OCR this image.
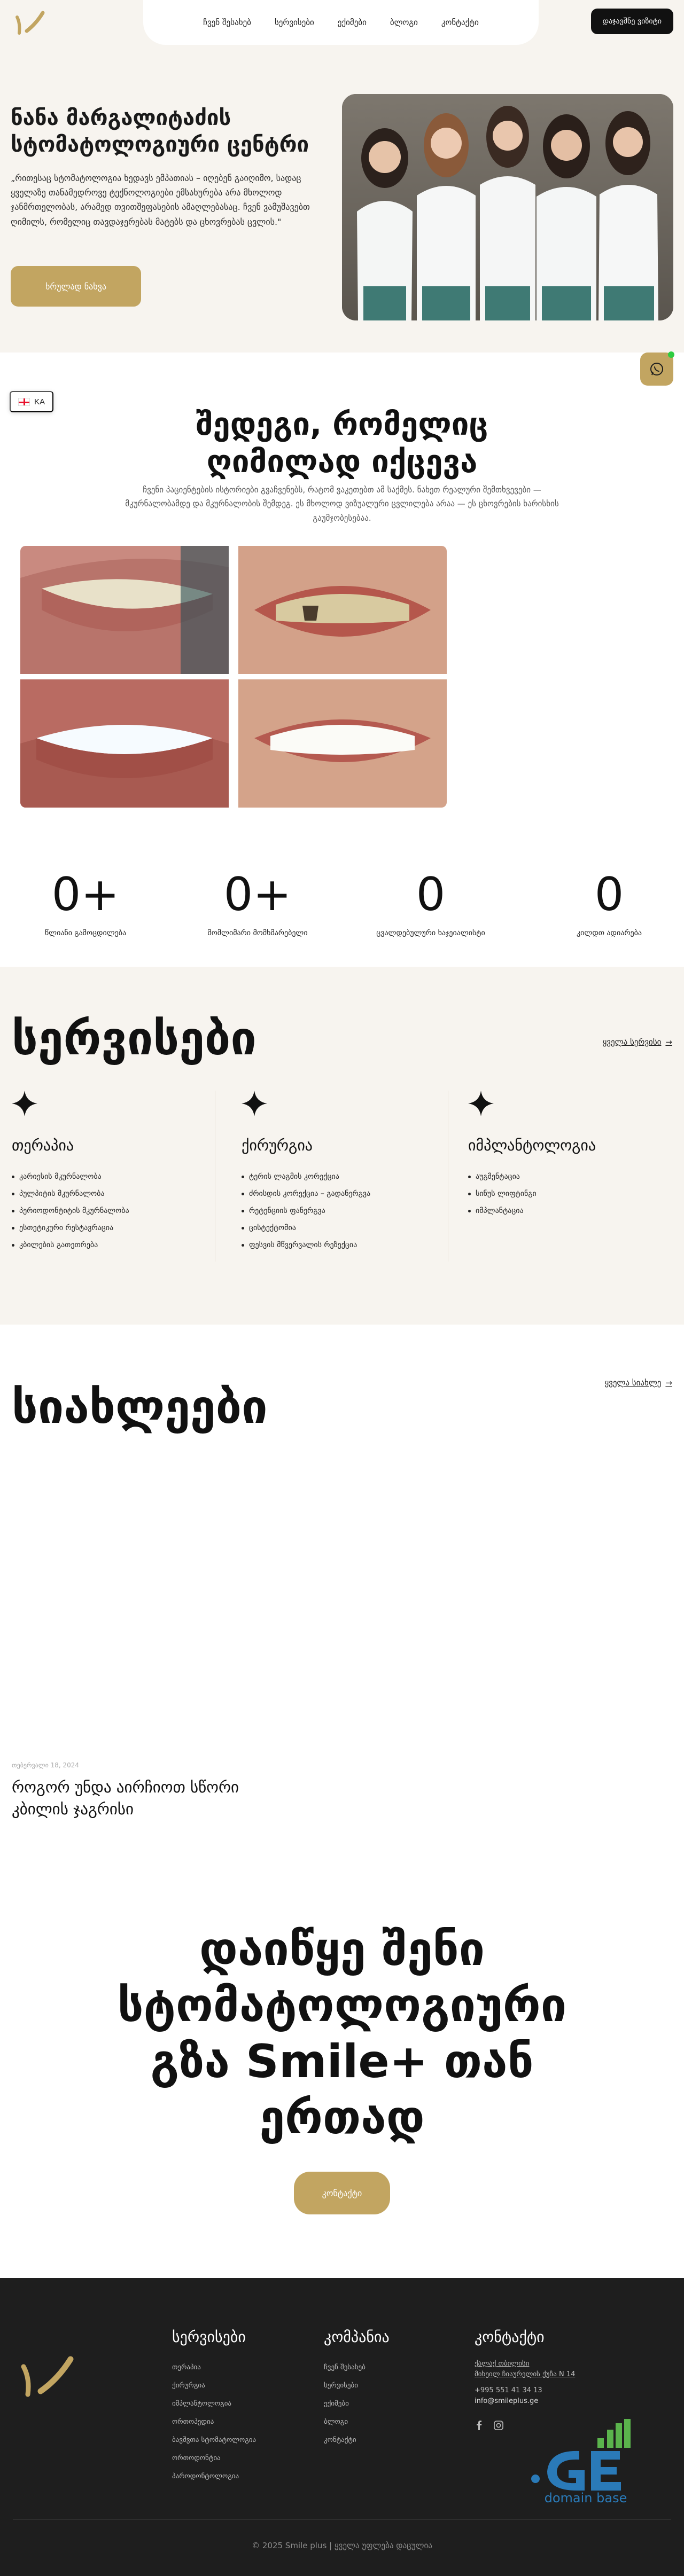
ჩვენ შესახებ	სერვისები	ექიმები	ბლოგი	კონტაქტი	დაჯავშნე ვიზიტი
ნანა მარგალიტაძის სტომატოლოგიური ცენტრი

„რითესაც სტომატოლოგია ხედავს ემპათიას – იღებენ გაიღიმო, სადაც ყველაზე თანამედროვე ტექნოლოგიები ემსახურება არა მხოლოდ ჯანმრთელობას, არამედ თვითშეფასების ამაღლებასაც. ჩვენ ვამუშავებთ ღიმილს, რომელიც თავდაჯერებას მატებს და ცხოვრებას ცვლის."

ხრულად ნახვა
KA
შედეგი, რომელიც ღიმილად იქცევა

ჩვენი პაციენტების ისტორიები გვაჩვენებს, რატომ ვაკეთებთ ამ საქმეს. ნახეთ რეალური შემთხვევები — მკურნალობამდე და მკურნალობის შემდეგ. ეს მხოლოდ ვიზუალური ცვლილება არაა — ეს ცხოვრების ხარისხის გაუმჯობესებაა.

0+
წლიანი გამოცდილება
0+
მომლიმარი მომხმარებელი
0
ცვალდებულური ხაჯეიალისტი
0
კილდთ ადიარება
სერვისები	ყველა სერვისი →
თერაპია
კარიესის მკურნალობა
პულპიტის მკურნალობა
პერიოდონტიტის მკურნალობა
ესთეტიკური რესტავრაცია
კბილების გათეთრება
ქირურგია
ტერის ლაგმის კორექცია
ძრისდის კორექცია – გადანერგვა
რეტენციის ფანერგვა
ცისტექტომია
ფესვის მწვერვალის რეზექცია
იმპლანტოლოგია
აუგმენტაცია
სინუს ლიფტინგი
იმპლანტაცია
სიახლეები	ყველა სიახლე →
თებერვალი 18, 2024
როგორ უნდა აირჩიოთ სწორი კბილის ჯაგრისი
დაიწყე შენი სტომატოლოგიური გზა Smile+ თან ერთად
კონტაქტი
სერვისები
თერაპია
ქირურგია
იმპლანტოლოგია
ორთოპედია
ბავშვთა სტომატოლოგია
ორთოდონტია
პაროდონტოლოგია
კომპანია
ჩვენ შესახებ
სერვისები
ექიმები
ბლოგი
კონტაქტი
კონტაქტი
ქალაქ თბილისი
მიხეილ ჩიაურელის ქუჩა N 14
+995 551 41 34 13
info@smileplus.ge
domain base
© 2025 Smile plus | ყველა უფლება დაცულია
